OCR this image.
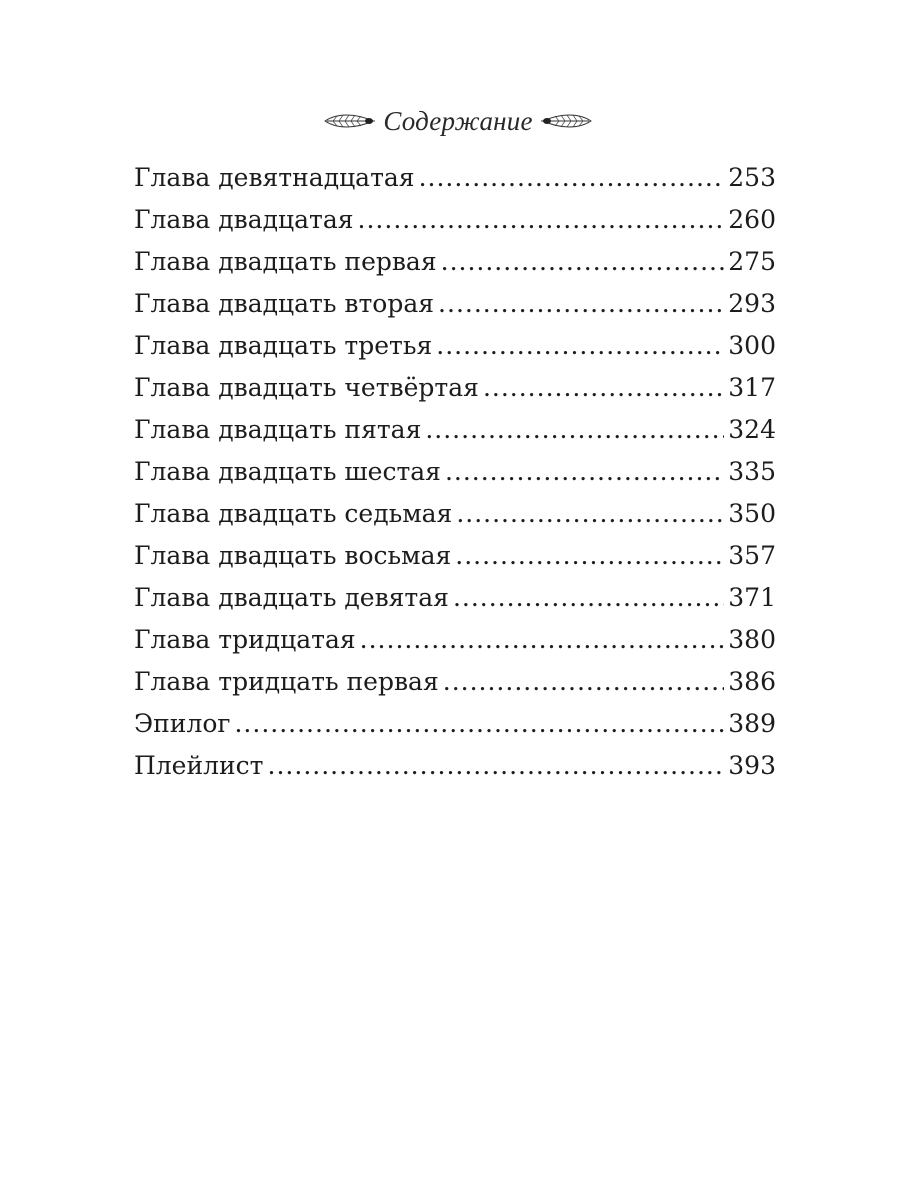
Содержание
Глава девятнадцатая .....	253
Глава двадцатая .....	260
Глава двадцать первая .....	275
Глава двадцать вторая .....	293
Глава двадцать третья .....	300
Глава двадцать четвёртая .....	317
Глава двадцать пятая .....	324
Глава двадцать шестая .....	335
Глава двадцать седьмая .....	350
Глава двадцать восьмая .....	357
Глава двадцать девятая .....	371
Глава тридцатая .....	380
Глава тридцать первая .....	386
Эпилог .....	389
Плейлист .....	393
